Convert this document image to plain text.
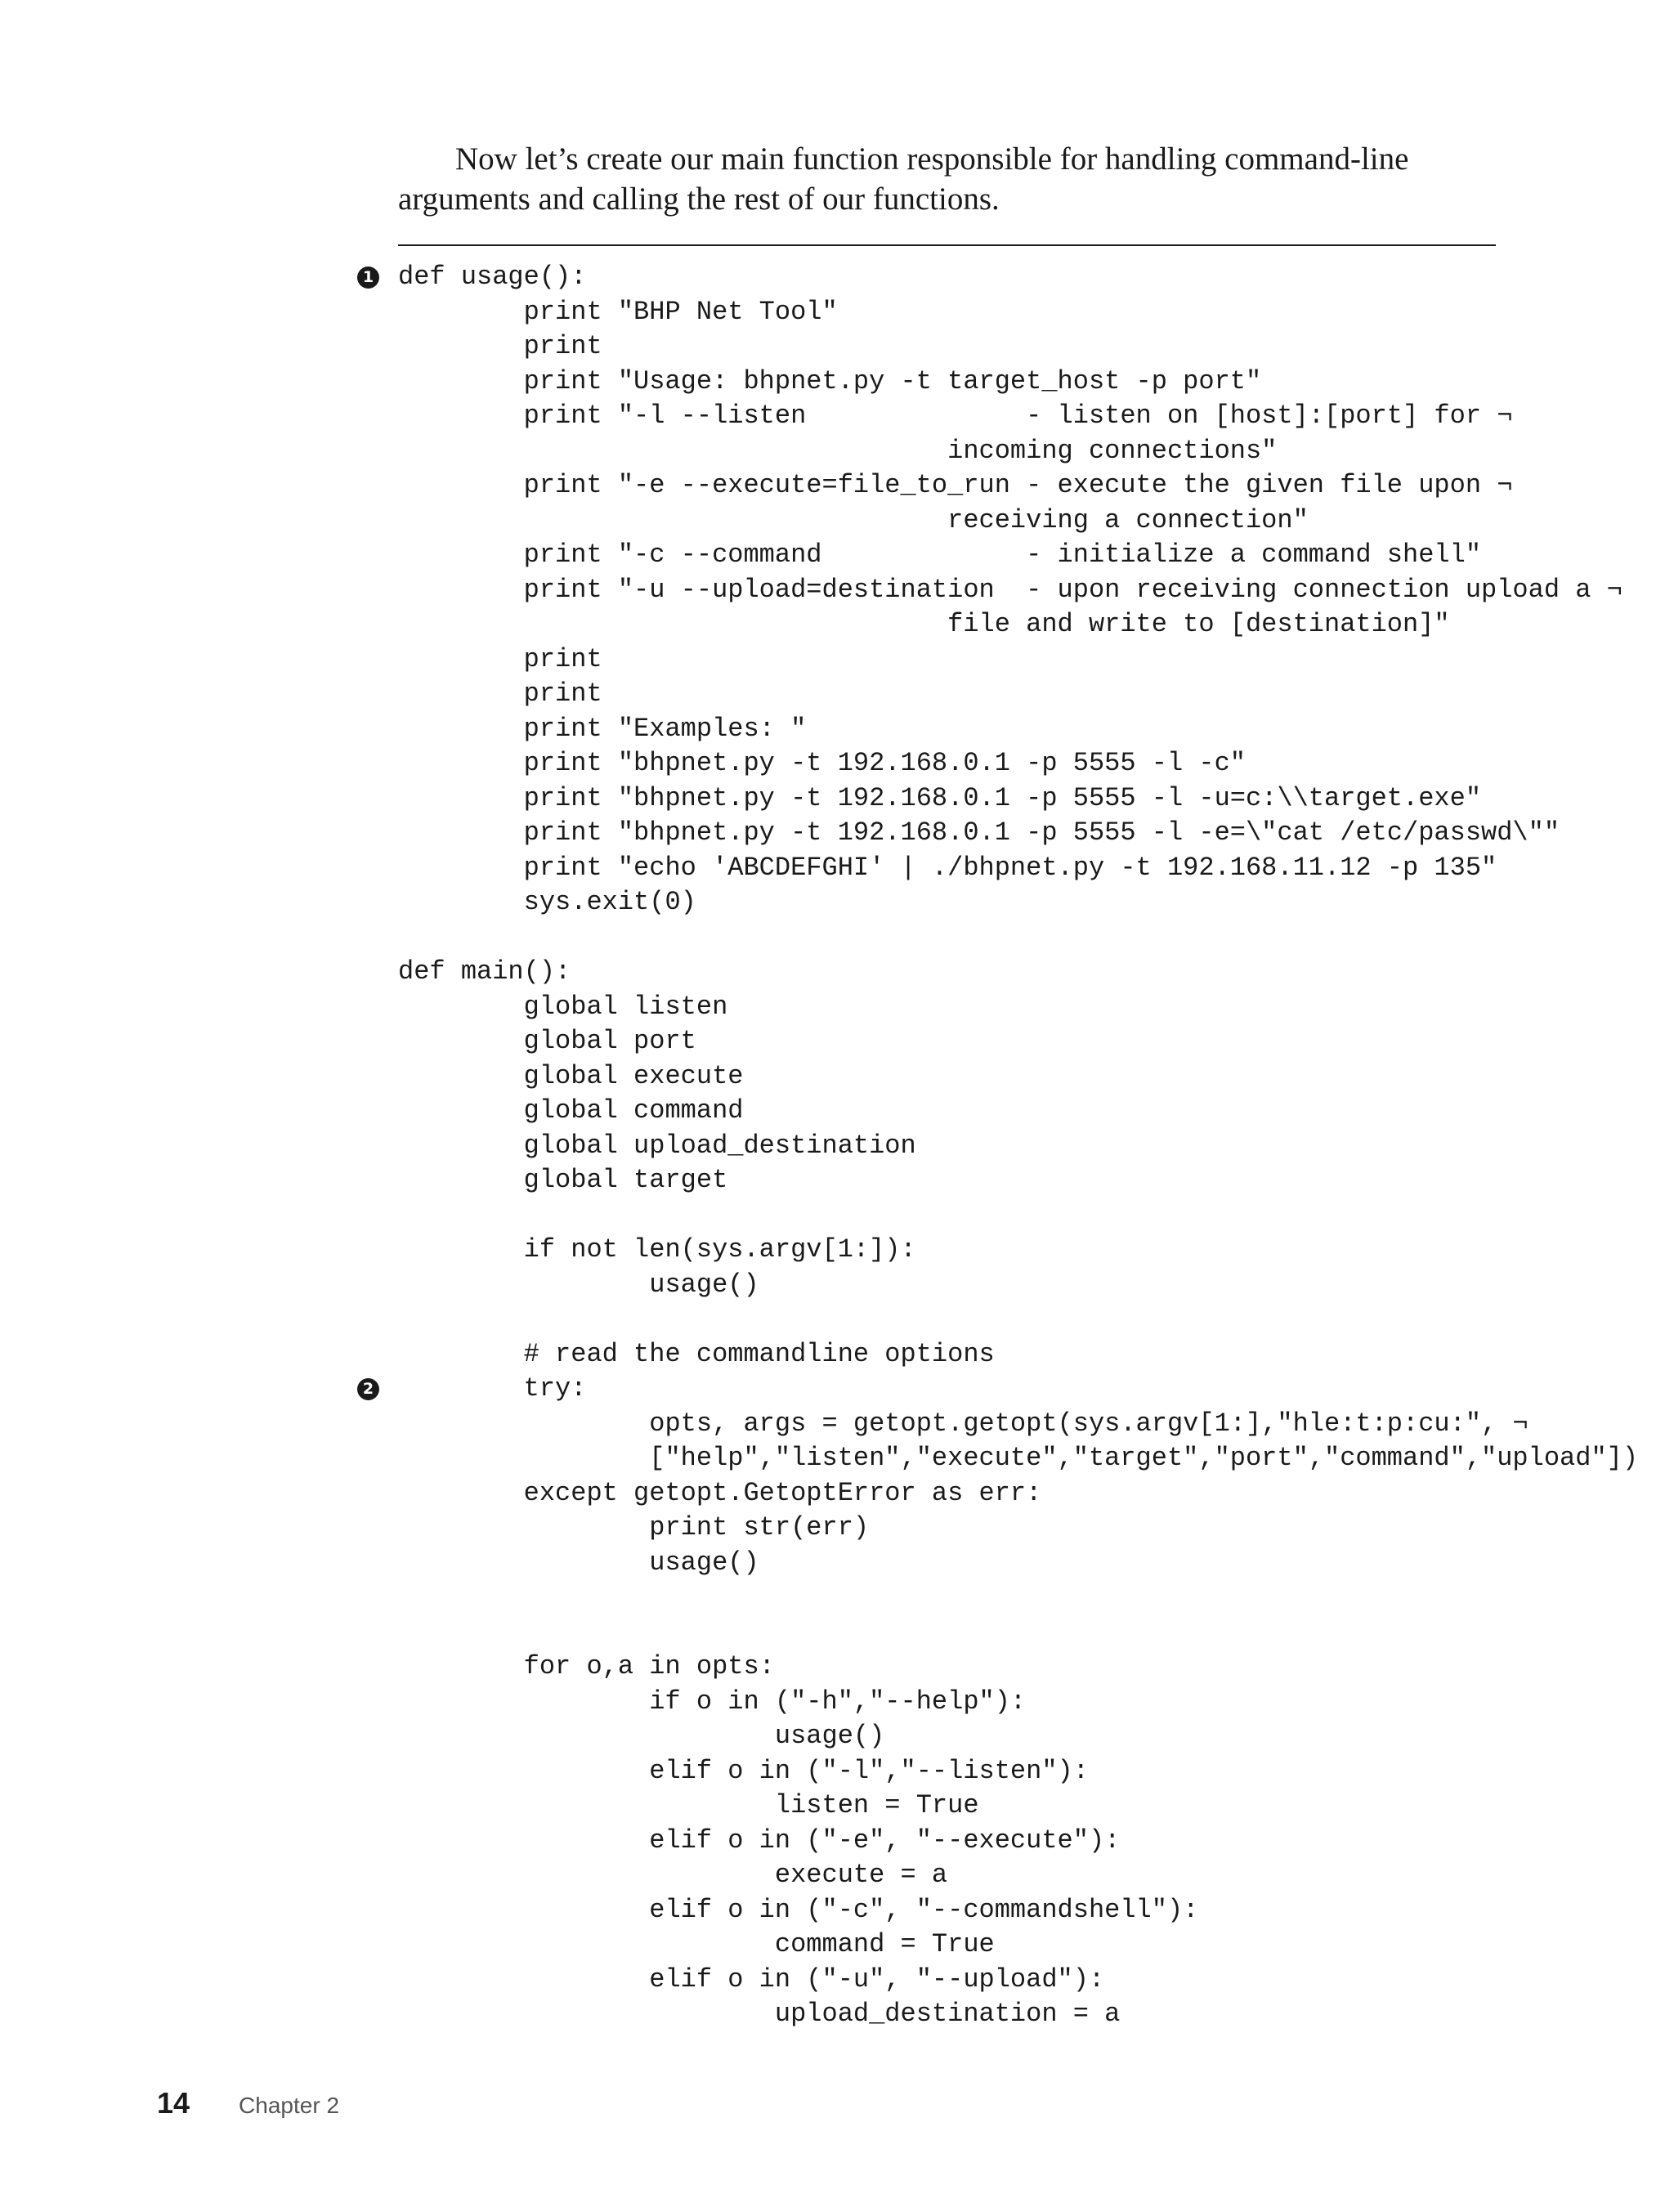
Now let’s create our main function responsible for handling command-line arguments and calling the rest of our functions.

def usage():
1
print "BHP Net Tool"
print
print "Usage: bhpnet.py -t target_host -p port"
print "-l --listen              - listen on [host]:[port] for ¬
incoming connections"
print "-e --execute=file_to_run - execute the given file upon ¬
receiving a connection"
print "-c --command             - initialize a command shell"
print "-u --upload=destination  - upon receiving connection upload a ¬
file and write to [destination]"
print
print
print "Examples: "
print "bhpnet.py -t 192.168.0.1 -p 5555 -l -c"
print "bhpnet.py -t 192.168.0.1 -p 5555 -l -u=c:\\target.exe"
print "bhpnet.py -t 192.168.0.1 -p 5555 -l -e=\"cat /etc/passwd\""
print "echo 'ABCDEFGHI' | ./bhpnet.py -t 192.168.11.12 -p 135"
sys.exit(0)
def main():
global listen
global port
global execute
global command
global upload_destination
global target
if not len(sys.argv[1:]):
usage()
# read the commandline options
try:
2
opts, args = getopt.getopt(sys.argv[1:],"hle:t:p:cu:", ¬
["help","listen","execute","target","port","command","upload"])
except getopt.GetoptError as err:
print str(err)
usage()
for o,a in opts:
if o in ("-h","--help"):
usage()
elif o in ("-l","--listen"):
listen = True
elif o in ("-e", "--execute"):
execute = a
elif o in ("-c", "--commandshell"):
command = True
elif o in ("-u", "--upload"):
upload_destination = a
14 Chapter 2
